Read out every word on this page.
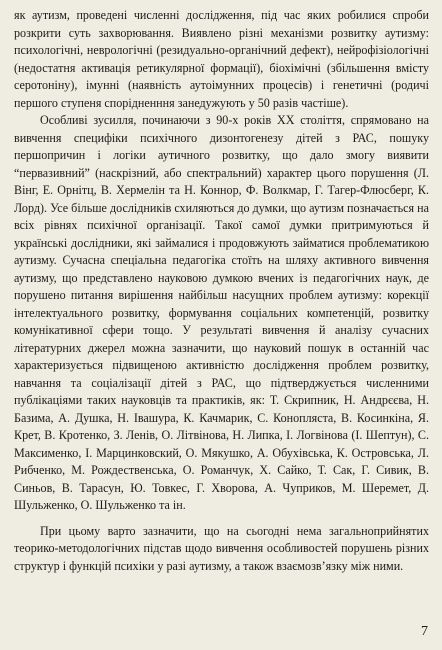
як аутизм, проведені численні дослідження, під час яких робилися спроби розкрити суть захворювання. Виявлено різні механізми розвитку аутизму: психологічні, неврологічні (резидуально-органічний дефект), нейрофізіологічні (недостатня активація ретикулярної формації), біохімічні (збільшення вмісту серотоніну), імунні (наявність аутоімунних процесів) і генетичні (родичі першого ступеня спорідненння занедужують у 50 разів частіше).

Особливі зусилля, починаючи з 90-х років XX століття, спрямовано на вивчення специфіки психічного дизонтогенезу дітей з РАС, пошуку першопричин і логіки аутичного розвитку, що дало змогу виявити “первазивний” (наскрізний, або спектральний) характер цього порушення (Л. Вінг, Е. Орнітц, В. Хермелін та Н. Коннор, Ф. Волкмар, Г. Тагер-Флюсберг, К. Лорд). Усе більше дослідників схиляються до думки, що аутизм позначається на всіх рівнях психічної організації. Такої самої думки притримуються й українські дослідники, які займалися і продовжують займатися проблематикою аутизму. Сучасна спеціальна педагогіка стоїть на шляху активного вивчення аутизму, що представлено науковою думкою вчених із педагогічних наук, де порушено питання вирішення найбільш насущних проблем аутизму: корекції інтелектуального розвитку, формування соціальних компетенцій, розвитку комунікативної сфери тощо. У результаті вивчення й аналізу сучасних літературних джерел можна зазначити, що науковий пошук в останній час характеризується підвищеною активністю дослідження проблем розвитку, навчання та соціалізації дітей з РАС, що підтверджується численними публікаціями таких науковців та практиків, як: Т. Скрипник, Н. Андрєєва, Н. Базима, А. Душка, Н. Івашура, К. Качмарик, С. Коноплястa, В. Косинкіна, Я. Крет, В. Кротенко, З. Ленів, О. Літвінова, Н. Липка, І. Логвінова (І. Шептун), С. Максименко, І. Марцинковский, О. Мякушко, А. Обухівська, К. Островська, Л. Рибченко, М. Рождественська, О. Романчук, Х. Сайко, Т. Сак, Г. Сивик, В. Синьов, В. Тарасун, Ю. Товкес, Г. Хворова, А. Чуприков, М. Шеремет, Д. Шульженко, О. Шульженко та ін.

При цьому варто зазначити, що на сьогодні нема загальноприйнятих теорико-методологічних підстав щодо вивчення особливостей порушень різних структур і функцій психіки у разі аутизму, а також взаємозв’язку між ними.

7
